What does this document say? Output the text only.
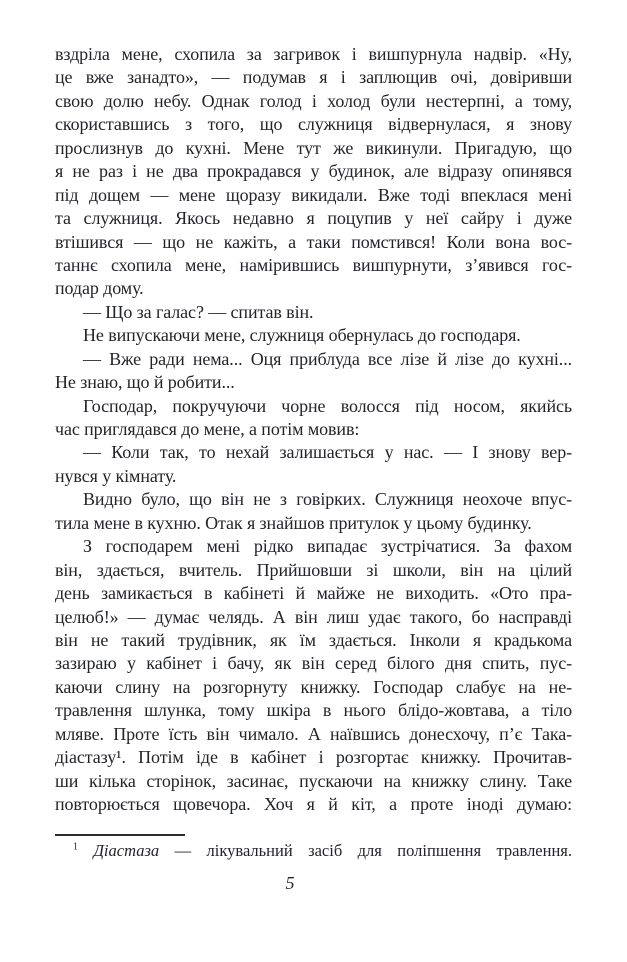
вздріла мене, схопила за загривок і вишпурнула надвір. «Ну,
це вже занадто», — подумав я і заплющив очі, довіривши
свою долю небу. Однак голод і холод були нестерпні, а тому,
скориставшись з того, що служниця відвернулася, я знову
прослизнув до кухні. Мене тут же викинули. Пригадую, що
я не раз і не два прокрадався у будинок, але відразу опинявся
під дощем — мене щоразу викидали. Вже тоді впеклася мені
та служниця. Якось недавно я поцупив у неї сайру і дуже
втішився — що не кажіть, а таки помстився! Коли вона вос-
таннє схопила мене, намірившись вишпурнути, з’явився гос-
подар дому.
— Що за галас? — спитав він.
Не випускаючи мене, служниця обернулась до господаря.
— Вже ради нема... Оця приблуда все лізе й лізе до кухні...
Не знаю, що й робити...
Господар, покручуючи чорне волосся під носом, якийсь
час приглядався до мене, а потім мовив:
— Коли так, то нехай залишається у нас. — І знову вер-
нувся у кімнату.
Видно було, що він не з говірких. Служниця неохоче впус-
тила мене в кухню. Отак я знайшов притулок у цьому будинку.
З господарем мені рідко випадає зустрічатися. За фахом
він, здається, вчитель. Прийшовши зі школи, він на цілий
день замикається в кабінеті й майже не виходить. «Ото пра-
целюб!» — думає челядь. А він лиш удає такого, бо насправді
він не такий трудівник, як їм здається. Інколи я крадькома
зазираю у кабінет і бачу, як він серед білого дня спить, пус-
каючи слину на розгорнуту книжку. Господар слабує на не-
травлення шлунка, тому шкіра в нього блідо-жовтава, а тіло
мляве. Проте їсть він чимало. А наївшись донесхочу, п’є Така-
діастазу¹. Потім іде в кабінет і розгортає книжку. Прочитав-
ши кілька сторінок, засинає, пускаючи на книжку слину. Таке
повторюється щовечора. Хоч я й кіт, а проте іноді думаю:
$^1$ Діастаза — лікувальний засіб для поліпшення травлення.
5
